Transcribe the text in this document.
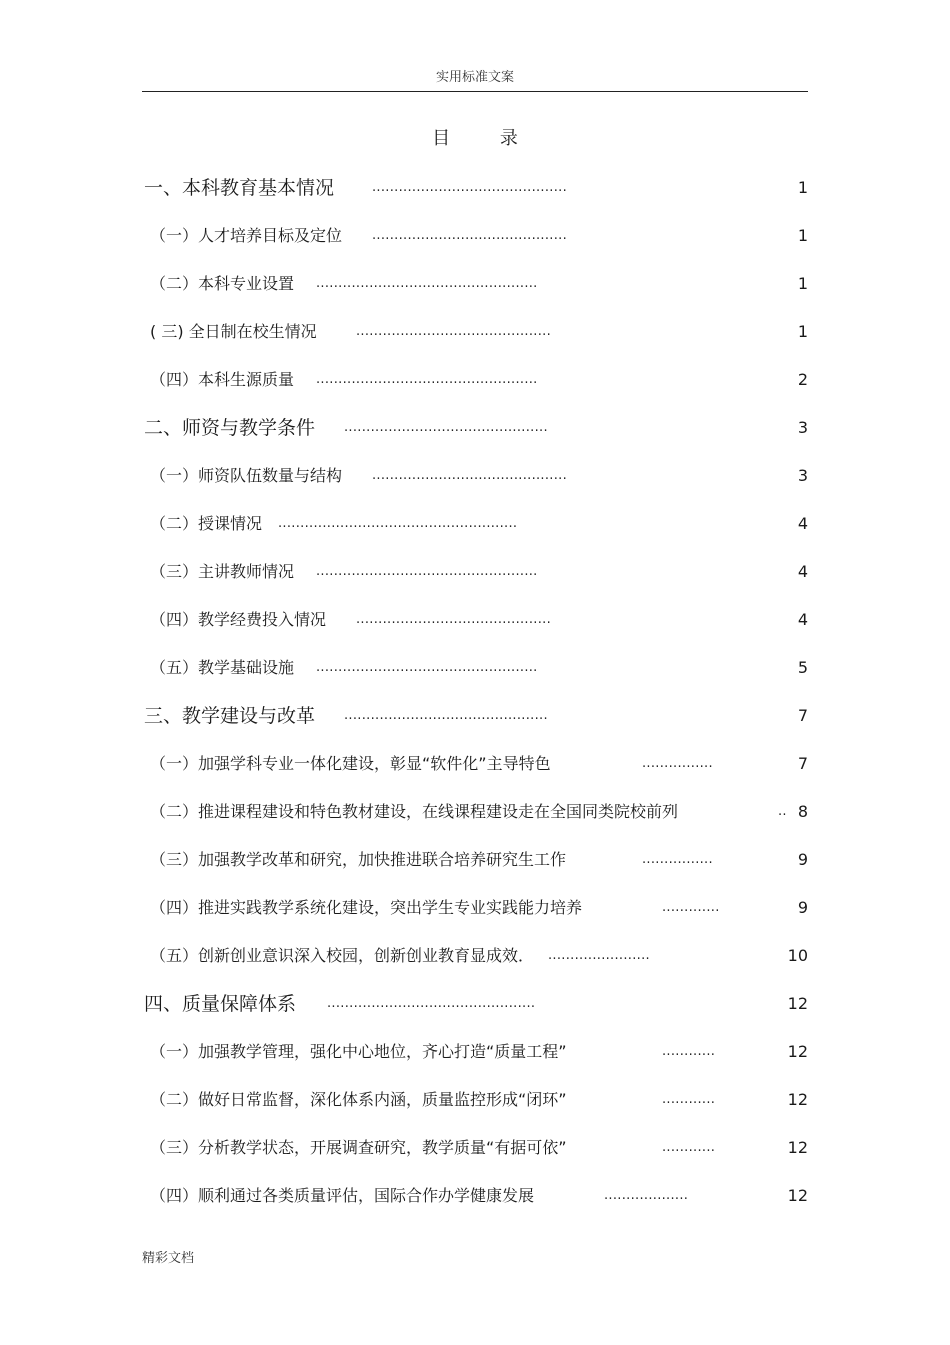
实用标准文案
目 录
一、本科教育基本情况	............................................	1
（一）人才培养目标及定位 ............................................	1
（二）本科专业设置 ..................................................	1
( 三) 全日制在校生情况	............................................	1
（四）本科生源质量 ..................................................	2
二、师资与教学条件 ..............................................	3
（一）师资队伍数量与结构 ............................................	3
（二）授课情况 ......................................................	4
（三）主讲教师情况 ..................................................	4
（四）教学经费投入情况 ............................................	4
（五）教学基础设施 ..................................................	5
三、教学建设与改革 ..............................................	7
（一）加强学科专业一体化建设，彰显“软件化”主导特色	................	7
（二）推进课程建设和特色教材建设，在线课程建设走在全国同类院校前列	.. 8
（三）加强教学改革和研究，加快推进联合培养研究生工作	................	9
（四）推进实践教学系统化建设，突出学生专业实践能力培养	.............	9
（五）创新创业意识深入校园，创新创业教育显成效． .......................	10
四、质量保障体系 ...............................................	12
（一）加强教学管理，强化中心地位，齐心打造“质量工程”	............	12
（二）做好日常监督，深化体系内涵，质量监控形成“闭环”	............	12
（三）分析教学状态，开展调查研究，教学质量“有据可依”	............	12
（四）顺利通过各类质量评估，国际合作办学健康发展	...................	12
精彩文档
